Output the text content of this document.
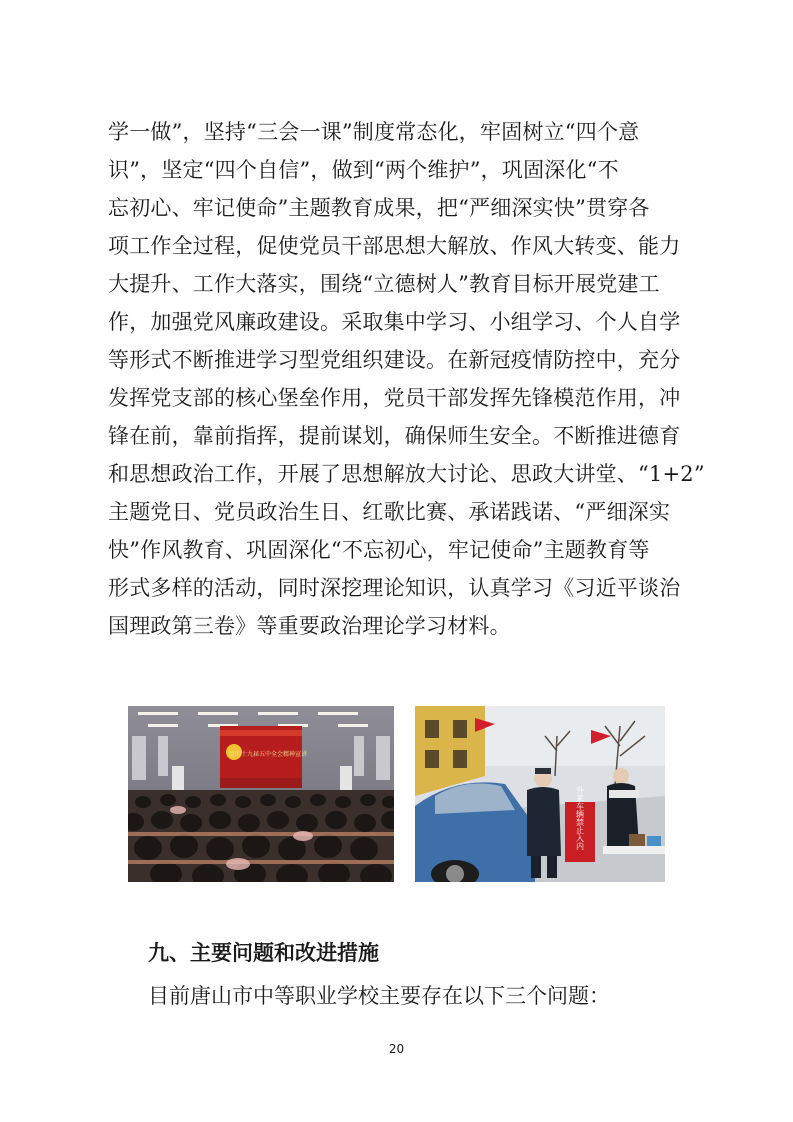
学一做”，坚持“三会一课”制度常态化，牢固树立“四个意
识”，坚定“四个自信”，做到“两个维护”，巩固深化“不
忘初心、牢记使命”主题教育成果，把“严细深实快”贯穿各
项工作全过程，促使党员干部思想大解放、作风大转变、能力
大提升、工作大落实，围绕“立德树人”教育目标开展党建工
作，加强党风廉政建设。采取集中学习、小组学习、个人自学
等形式不断推进学习型党组织建设。在新冠疫情防控中，充分
发挥党支部的核心堡垒作用，党员干部发挥先锋模范作用，冲
锋在前，靠前指挥，提前谋划，确保师生安全。不断推进德育
和思想政治工作，开展了思想解放大讨论、思政大讲堂、“1+2”
主题党日、党员政治生日、红歌比赛、承诺践诺、“严细深实
快”作风教育、巩固深化“不忘初心，牢记使命”主题教育等
形式多样的活动，同时深挖理论知识，认真学习《习近平谈治
国理政第三卷》等重要政治理论学习材料。
党的十九届五中全会精神宣讲
外来车辆禁止入内
九、主要问题和改进措施
目前唐山市中等职业学校主要存在以下三个问题：
20
